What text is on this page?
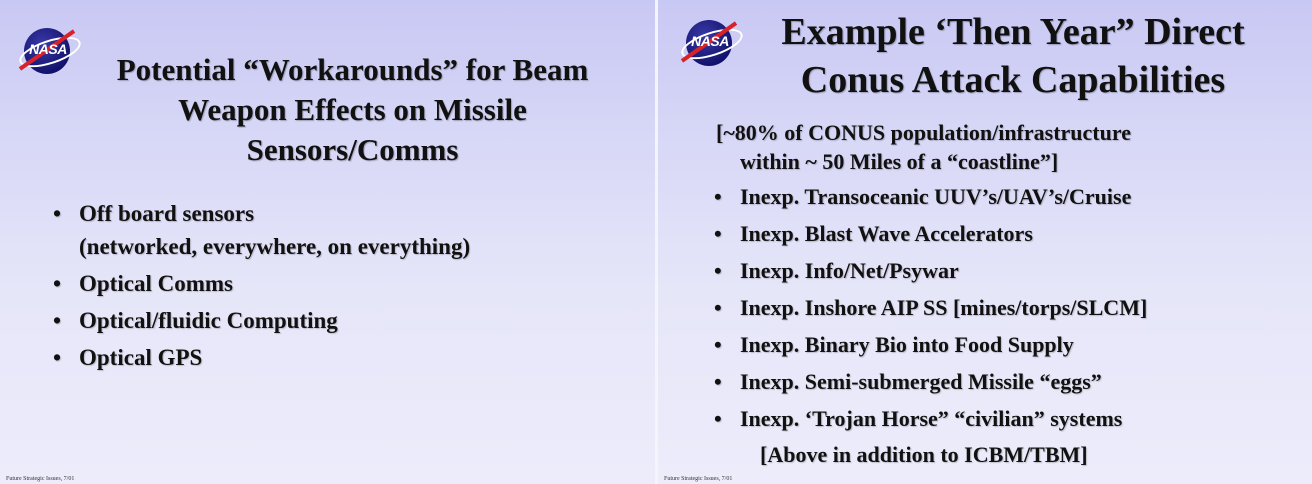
NASA
Potential “Workarounds” for Beam
Weapon Effects on Missile
Sensors/Comms
• Off board sensors
(networked, everywhere, on everything)
• Optical Comms
• Optical/fluidic Computing
• Optical GPS
Future Strategic Issues, 7/01
NASA	Example ‘Then Year” Direct
Conus Attack Capabilities
[~80% of CONUS population/infrastructure
within ~ 50 Miles of a “coastline”]
• Inexp. Transoceanic UUV’s/UAV’s/Cruise
• Inexp. Blast Wave Accelerators
• Inexp. Info/Net/Psywar
• Inexp. Inshore AIP SS [mines/torps/SLCM]
• Inexp. Binary Bio into Food Supply
• Inexp. Semi-submerged Missile “eggs”
• Inexp. ‘Trojan Horse” “civilian” systems
[Above in addition to ICBM/TBM]
Future Strategic Issues, 7/01
